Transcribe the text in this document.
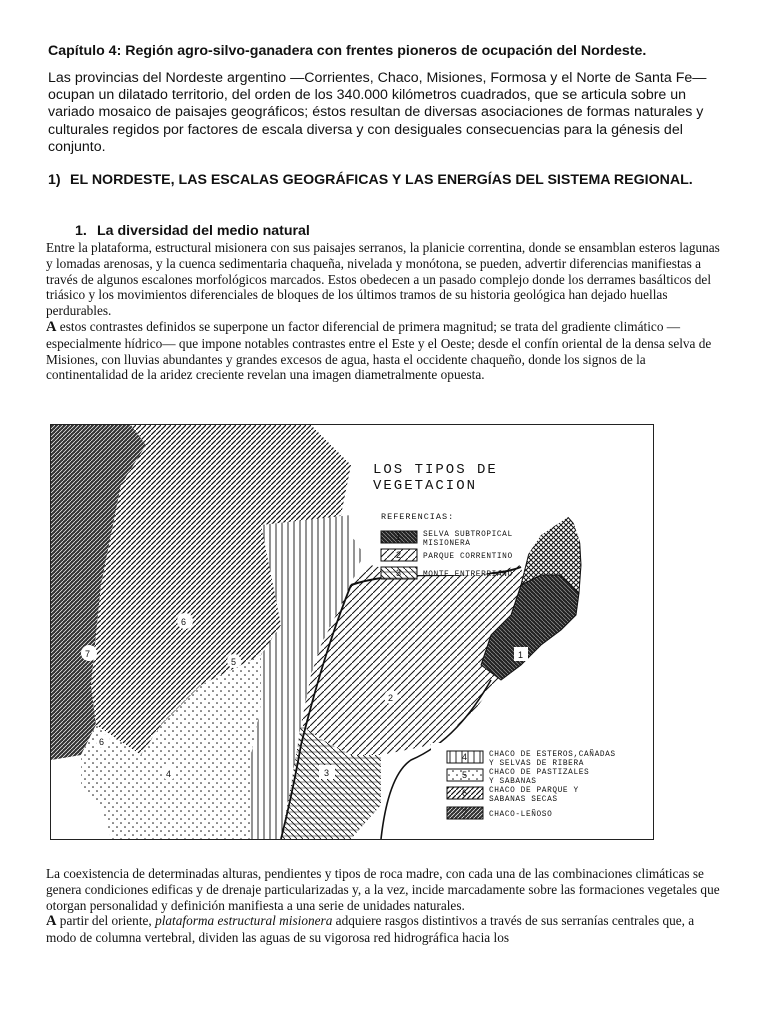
Capítulo 4: Región agro-silvo-ganadera con frentes pioneros de ocupación del Nordeste.
Las provincias del Nordeste argentino —Corrientes, Chaco, Misiones, Formosa y el Norte de Santa Fe— ocupan un dilatado territorio, del orden de los 340.000 kilómetros cuadrados, que se articula sobre un variado mosaico de paisajes geográficos; éstos resultan de diversas asociaciones de formas naturales y culturales regidos por factores de escala diversa y con desiguales consecuencias para la génesis del conjunto.
1) EL NORDESTE, LAS ESCALAS GEOGRÁFICAS Y LAS ENERGÍAS DEL SISTEMA REGIONAL.
1. La diversidad del medio natural

Entre la plataforma, estructural misionera con sus paisajes serranos, la planicie correntina, donde se ensamblan esteros lagunas y lomadas arenosas, y la cuenca sedimentaria chaqueña, nivelada y monótona, se pueden, advertir diferencias manifiestas a través de algunos escalones morfológicos marcados. Estos obedecen a un pasado complejo donde los derrames basálticos del triásico y los movimientos diferenciales de bloques de los últimos tramos de su historia geológica han dejado huellas perdurables.

A estos contrastes definidos se superpone un factor diferencial de primera magnitud; se trata del gradiente climático —especialmente hídrico— que impone notables contrastes entre el Este y el Oeste; desde el confín oriental de la densa selva de Misiones, con lluvias abundantes y grandes excesos de agua, hasta el occidente chaqueño, donde los signos de la continentalidad de la aridez creciente revelan una imagen diametralmente opuesta.

LOS TIPOS DE
VEGETACION
REFERENCIAS:
1	SELVA SUBTROPICAL
MISIONERA
2	PARQUE CORRENTINO
3	MONTE ENTRERRIANO
6
7
5
6
4
2
3
1
4	CHACO DE ESTEROS,CAÑADAS
Y SELVAS DE RIBERA
5	CHACO DE PASTIZALES
Y SABANAS
6	CHACO DE PARQUE Y
SABANAS SECAS
7	CHACO-LEÑOSO

La coexistencia de determinadas alturas, pendientes y tipos de roca madre, con cada una de las combinaciones climáticas se genera condiciones edificas y de drenaje particularizadas y, a la vez, incide marcadamente sobre las formaciones vegetales que otorgan personalidad y definición manifiesta a una serie de unidades naturales.

A partir del oriente, plataforma estructural misionera adquiere rasgos distintivos a través de sus serranías centrales que, a modo de columna vertebral, dividen las aguas de su vigorosa red hidrográfica hacia los
